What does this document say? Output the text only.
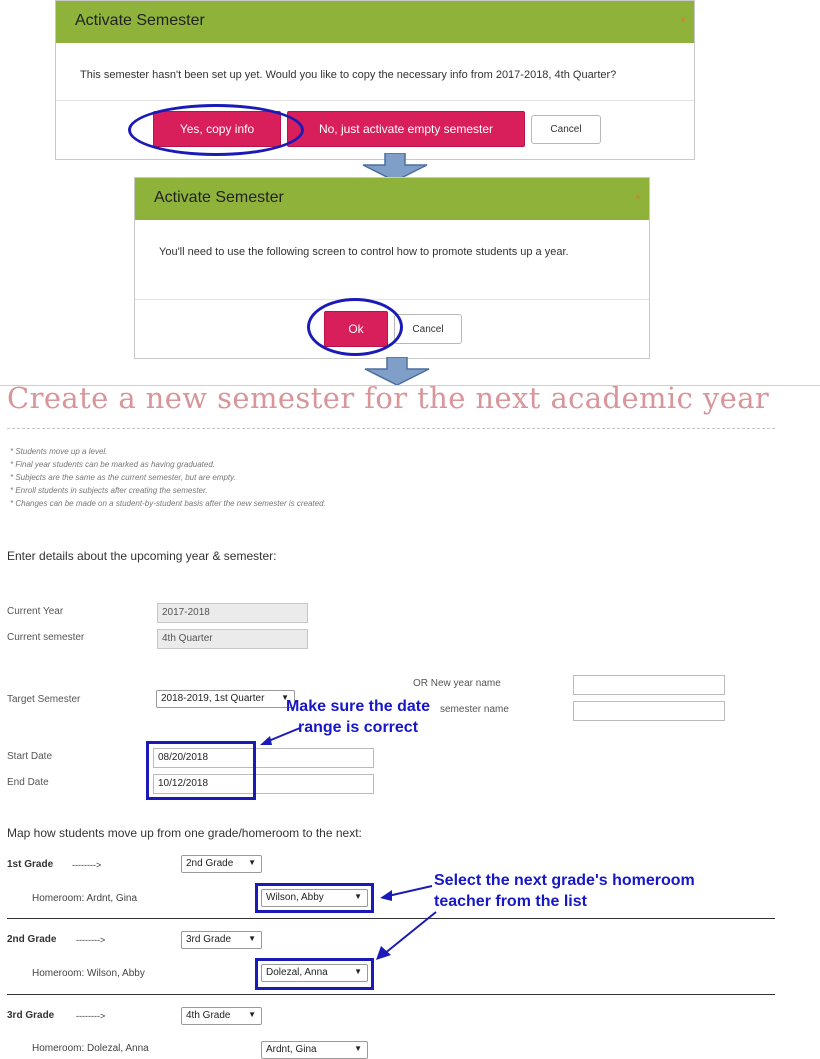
Activate Semester	×
This semester hasn't been set up yet. Would you like to copy the necessary info from 2017-2018, 4th Quarter?
Yes, copy info	No, just activate empty semester	Cancel
Activate Semester	×
You'll need to use the following screen to control how to promote students up a year.
Ok	Cancel
Create a new semester for the next academic year
* Students move up a level.
* Final year students can be marked as having graduated.
* Subjects are the same as the current semester, but are empty.
* Enroll students in subjects after creating the semester.
* Changes can be made on a student-by-student basis after the new semester is created.
Enter details about the upcoming year & semester:
Current Year	2017-2018
Current semester	4th Quarter
OR New year name
Target Semester	2018-2019, 1st Quarter ▼
semester name
Start Date	08/20/2018
End Date	10/12/2018
Make sure the date range is correct
Map how students move up from one grade/homeroom to the next:
1st Grade -------->	2nd Grade ▼
Homeroom: Ardnt, Gina	Wilson, Abby	▼
2nd Grade -------->	3rd Grade ▼
Homeroom: Wilson, Abby	Dolezal, Anna	▼
3rd Grade -------->	4th Grade ▼
Homeroom: Dolezal, Anna	Ardnt, Gina	▼
Select the next grade's homeroom teacher from the list
